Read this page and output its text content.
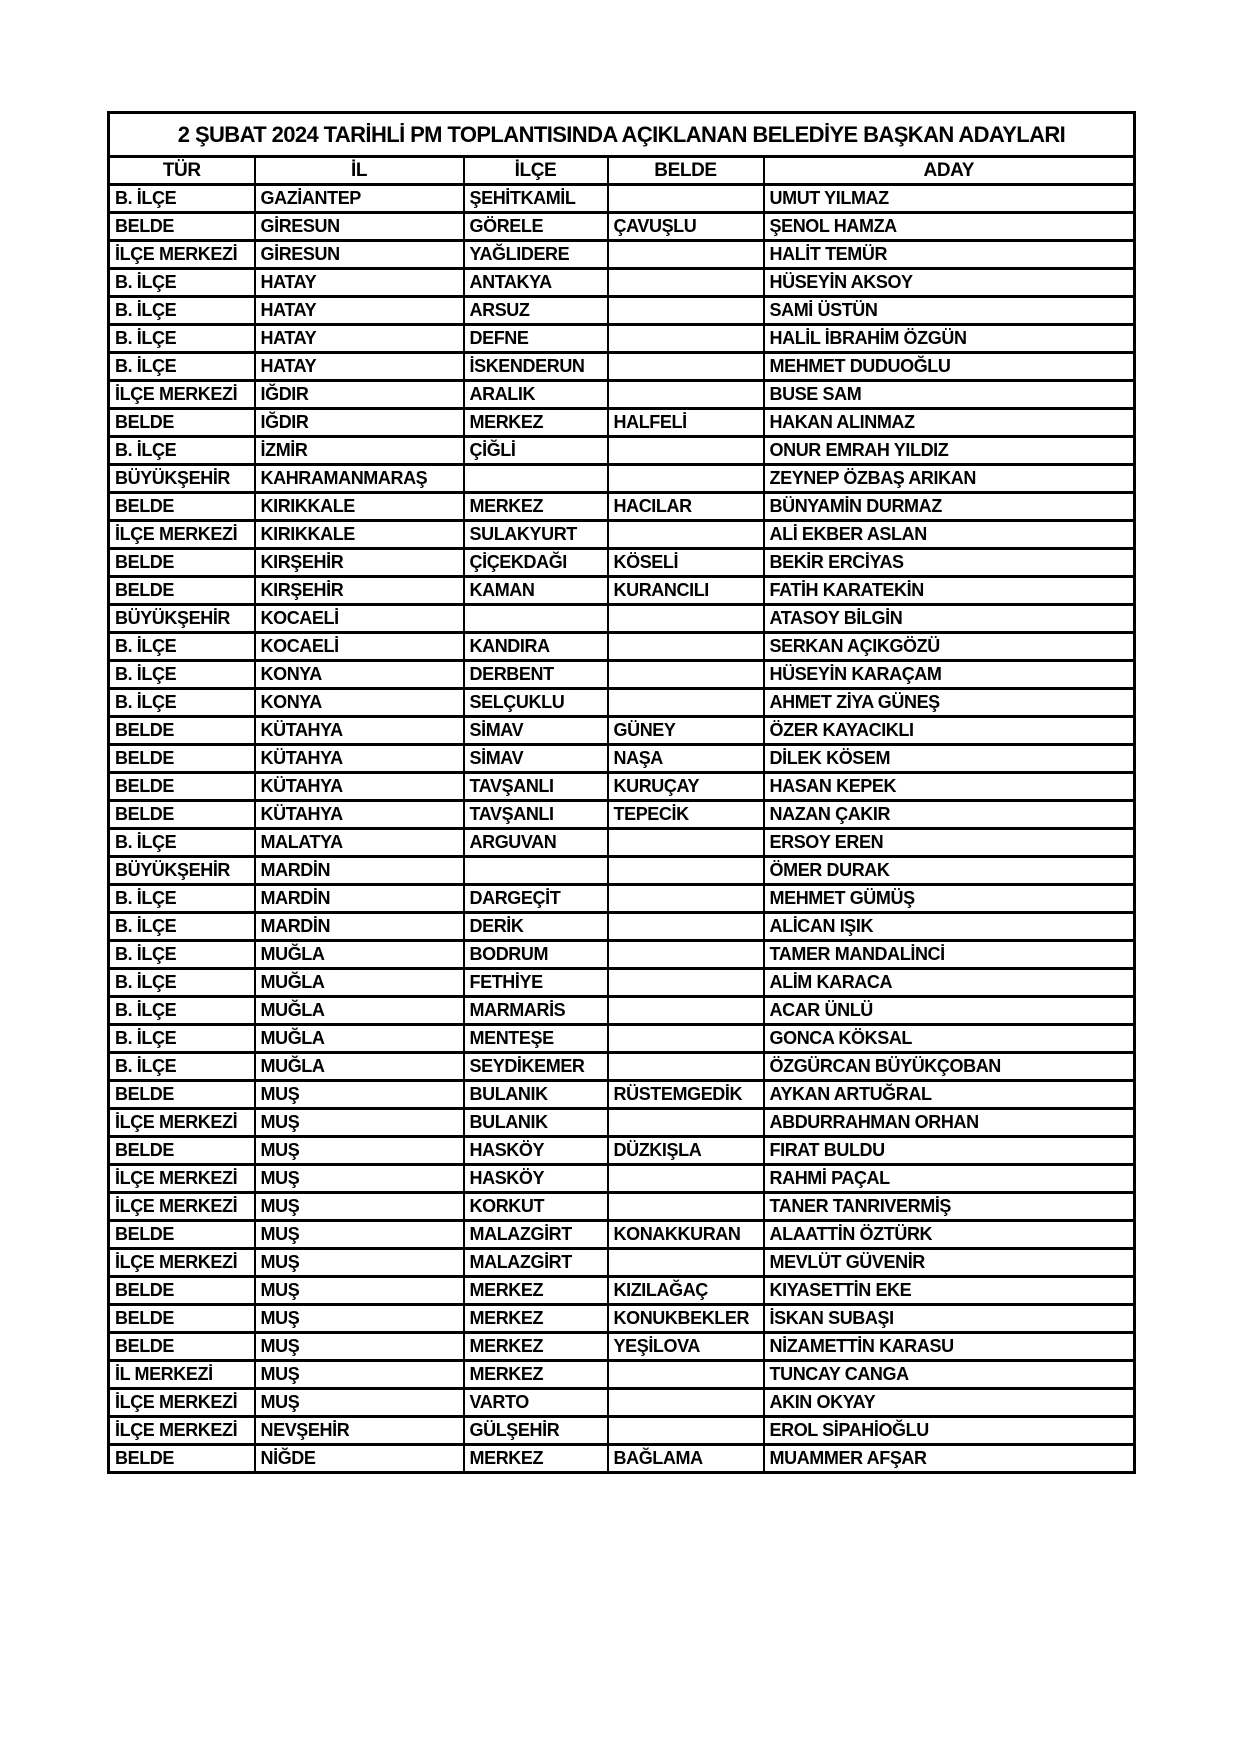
2 ŞUBAT 2024 TARİHLİ PM TOPLANTISINDA AÇIKLANAN BELEDİYE BAŞKAN ADAYLARI				
TÜR	İL	İLÇE	BELDE	ADAY
B. İLÇE	GAZİANTEP	ŞEHİTKAMİL		UMUT YILMAZ
BELDE	GİRESUN	GÖRELE	ÇAVUŞLU	ŞENOL HAMZA
İLÇE MERKEZİ	GİRESUN	YAĞLIDERE		HALİT TEMÜR
B. İLÇE	HATAY	ANTAKYA		HÜSEYİN AKSOY
B. İLÇE	HATAY	ARSUZ		SAMİ ÜSTÜN
B. İLÇE	HATAY	DEFNE		HALİL İBRAHİM ÖZGÜN
B. İLÇE	HATAY	İSKENDERUN		MEHMET DUDUOĞLU
İLÇE MERKEZİ	IĞDIR	ARALIK		BUSE SAM
BELDE	IĞDIR	MERKEZ	HALFELİ	HAKAN ALINMAZ
B. İLÇE	İZMİR	ÇİĞLİ		ONUR EMRAH YILDIZ
BÜYÜKŞEHİR	KAHRAMANMARAŞ			ZEYNEP ÖZBAŞ ARIKAN
BELDE	KIRIKKALE	MERKEZ	HACILAR	BÜNYAMİN DURMAZ
İLÇE MERKEZİ	KIRIKKALE	SULAKYURT		ALİ EKBER ASLAN
BELDE	KIRŞEHİR	ÇİÇEKDAĞI	KÖSELİ	BEKİR ERCİYAS
BELDE	KIRŞEHİR	KAMAN	KURANCILI	FATİH KARATEKİN
BÜYÜKŞEHİR	KOCAELİ			ATASOY BİLGİN
B. İLÇE	KOCAELİ	KANDIRA		SERKAN AÇIKGÖZÜ
B. İLÇE	KONYA	DERBENT		HÜSEYİN KARAÇAM
B. İLÇE	KONYA	SELÇUKLU		AHMET ZİYA GÜNEŞ
BELDE	KÜTAHYA	SİMAV	GÜNEY	ÖZER KAYACIKLI
BELDE	KÜTAHYA	SİMAV	NAŞA	DİLEK KÖSEM
BELDE	KÜTAHYA	TAVŞANLI	KURUÇAY	HASAN KEPEK
BELDE	KÜTAHYA	TAVŞANLI	TEPECİK	NAZAN ÇAKIR
B. İLÇE	MALATYA	ARGUVAN		ERSOY EREN
BÜYÜKŞEHİR	MARDİN			ÖMER DURAK
B. İLÇE	MARDİN	DARGEÇİT		MEHMET GÜMÜŞ
B. İLÇE	MARDİN	DERİK		ALİCAN IŞIK
B. İLÇE	MUĞLA	BODRUM		TAMER MANDALİNCİ
B. İLÇE	MUĞLA	FETHİYE		ALİM KARACA
B. İLÇE	MUĞLA	MARMARİS		ACAR ÜNLÜ
B. İLÇE	MUĞLA	MENTEŞE		GONCA KÖKSAL
B. İLÇE	MUĞLA	SEYDİKEMER		ÖZGÜRCAN BÜYÜKÇOBAN
BELDE	MUŞ	BULANIK	RÜSTEMGEDİK	AYKAN ARTUĞRAL
İLÇE MERKEZİ	MUŞ	BULANIK		ABDURRAHMAN ORHAN
BELDE	MUŞ	HASKÖY	DÜZKIŞLA	FIRAT BULDU
İLÇE MERKEZİ	MUŞ	HASKÖY		RAHMİ PAÇAL
İLÇE MERKEZİ	MUŞ	KORKUT		TANER TANRIVERMİŞ
BELDE	MUŞ	MALAZGİRT	KONAKKURAN	ALAATTİN ÖZTÜRK
İLÇE MERKEZİ	MUŞ	MALAZGİRT		MEVLÜT GÜVENİR
BELDE	MUŞ	MERKEZ	KIZILAĞAÇ	KIYASETTİN EKE
BELDE	MUŞ	MERKEZ	KONUKBEKLER	İSKAN SUBAŞI
BELDE	MUŞ	MERKEZ	YEŞİLOVA	NİZAMETTİN KARASU
İL MERKEZİ	MUŞ	MERKEZ		TUNCAY CANGA
İLÇE MERKEZİ	MUŞ	VARTO		AKIN OKYAY
İLÇE MERKEZİ	NEVŞEHİR	GÜLŞEHİR		EROL SİPAHİOĞLU
BELDE	NİĞDE	MERKEZ	BAĞLAMA	MUAMMER AFŞAR
